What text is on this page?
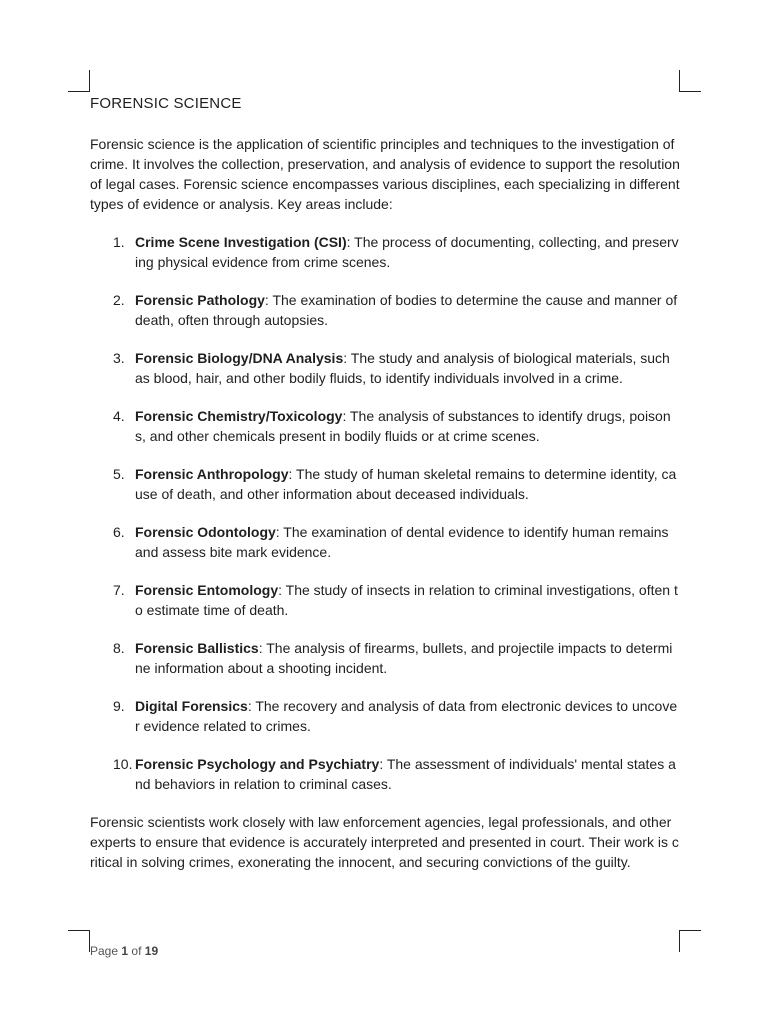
FORENSIC SCIENCE

Forensic science is the application of scientific principles and techniques to the investigation of crime. It involves the collection, preservation, and analysis of evidence to support the resolution of legal cases. Forensic science encompasses various disciplines, each specializing in different types of evidence or analysis. Key areas include:

1. Crime Scene Investigation (CSI): The process of documenting, collecting, and preserving physical evidence from crime scenes.
2. Forensic Pathology: The examination of bodies to determine the cause and manner of death, often through autopsies.
3. Forensic Biology/DNA Analysis: The study and analysis of biological materials, such as blood, hair, and other bodily fluids, to identify individuals involved in a crime.
4. Forensic Chemistry/Toxicology: The analysis of substances to identify drugs, poisons, and other chemicals present in bodily fluids or at crime scenes.
5. Forensic Anthropology: The study of human skeletal remains to determine identity, cause of death, and other information about deceased individuals.
6. Forensic Odontology: The examination of dental evidence to identify human remains and assess bite mark evidence.
7. Forensic Entomology: The study of insects in relation to criminal investigations, often to estimate time of death.
8. Forensic Ballistics: The analysis of firearms, bullets, and projectile impacts to determine information about a shooting incident.
9. Digital Forensics: The recovery and analysis of data from electronic devices to uncover evidence related to crimes.
10. Forensic Psychology and Psychiatry: The assessment of individuals' mental states and behaviors in relation to criminal cases.

Forensic scientists work closely with law enforcement agencies, legal professionals, and other experts to ensure that evidence is accurately interpreted and presented in court. Their work is critical in solving crimes, exonerating the innocent, and securing convictions of the guilty.

Page 1 of 19
